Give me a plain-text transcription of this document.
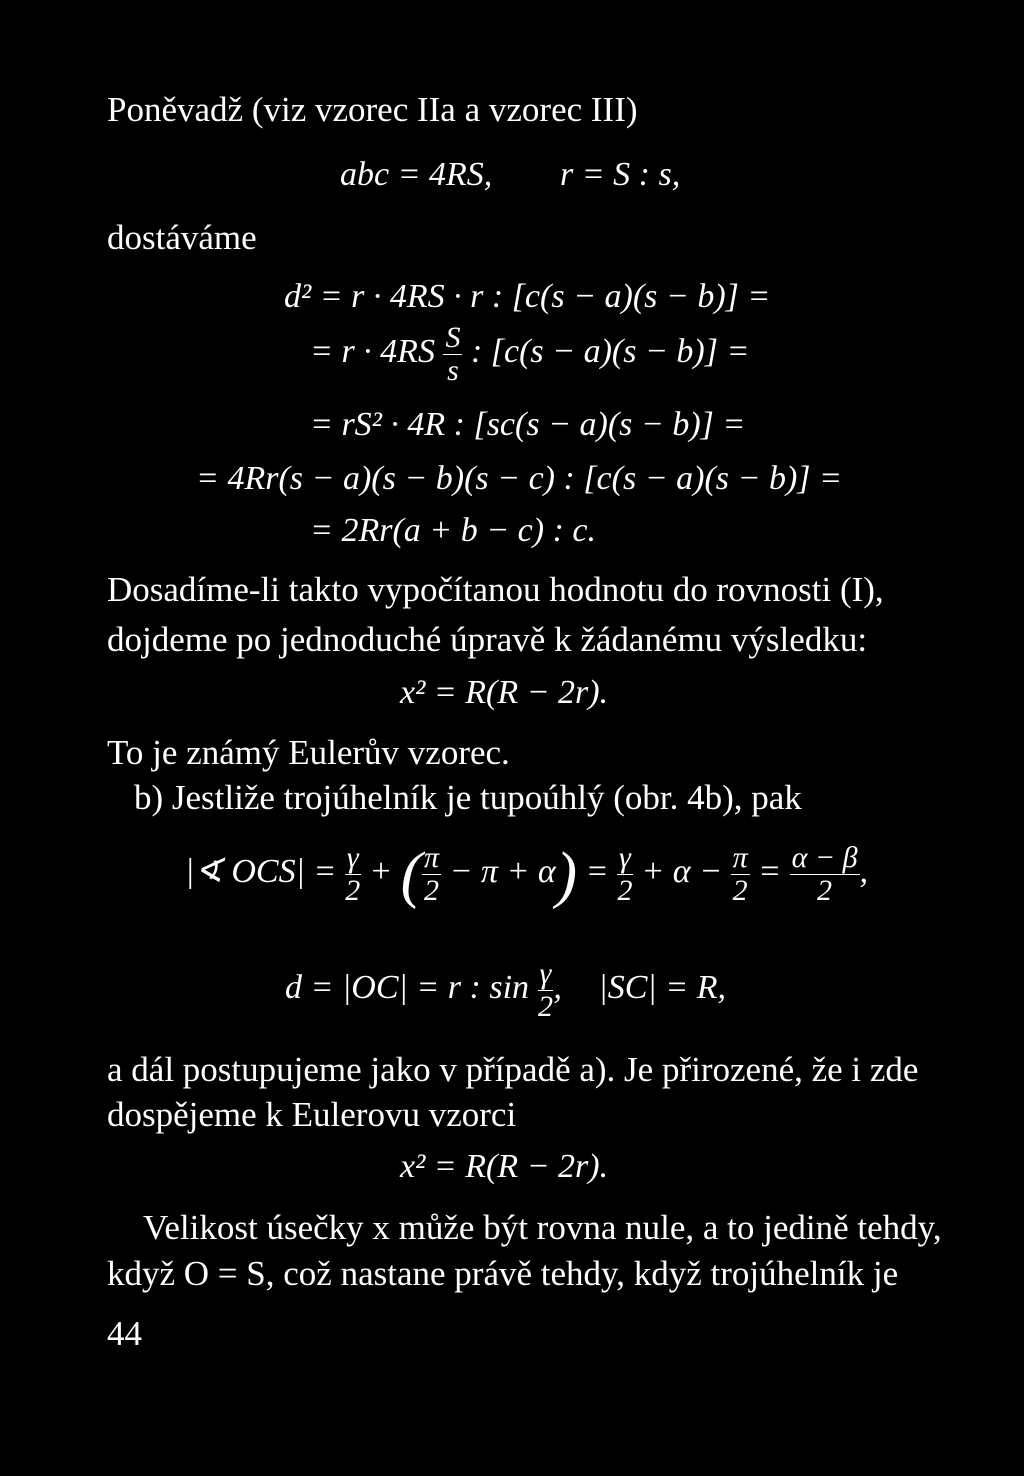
Poněvadž (viz vzorec IIa a vzorec III)
abc = 4RS, r = S : s,
dostáváme
d² = r · 4RS · r : [c(s − a)(s − b)] =
= $r \cdot 4RS \frac{S}{s}$ : [c(s − a)(s − b)] =
= rS² · 4R : [sc(s − a)(s − b)] =
= 4Rr(s − a)(s − b)(s − c) : [c(s − a)(s − b)] =
= 2Rr(a + b − c) : c.
Dosadíme-li takto vypočítanou hodnotu do rovnosti (I),
dojdeme po jednoduché úpravě k žádanému výsledku:
x² = R(R − 2r).
To je známý Eulerův vzorec.
b) Jestliže trojúhelník je tupoúhlý (obr. 4b), pak
|∢ $OCS| = \frac{\gamma}{2}$ + ( $\frac{\pi}{2} - \pi + \alpha) = \frac{\gamma}{2} + \alpha - \frac{\pi}{2} = \frac{\alpha - \beta}{2}$ ,
d = |OC| = r : $\sin \frac{\gamma}{2}$ , |SC| = R,
a dál postupujeme jako v případě a). Je přirozené, že i zde
dospějeme k Eulerovu vzorci
x² = R(R − 2r).
Velikost úsečky x může být rovna nule, a to jedině tehdy,
když O = S, což nastane právě tehdy, když trojúhelník je
44
